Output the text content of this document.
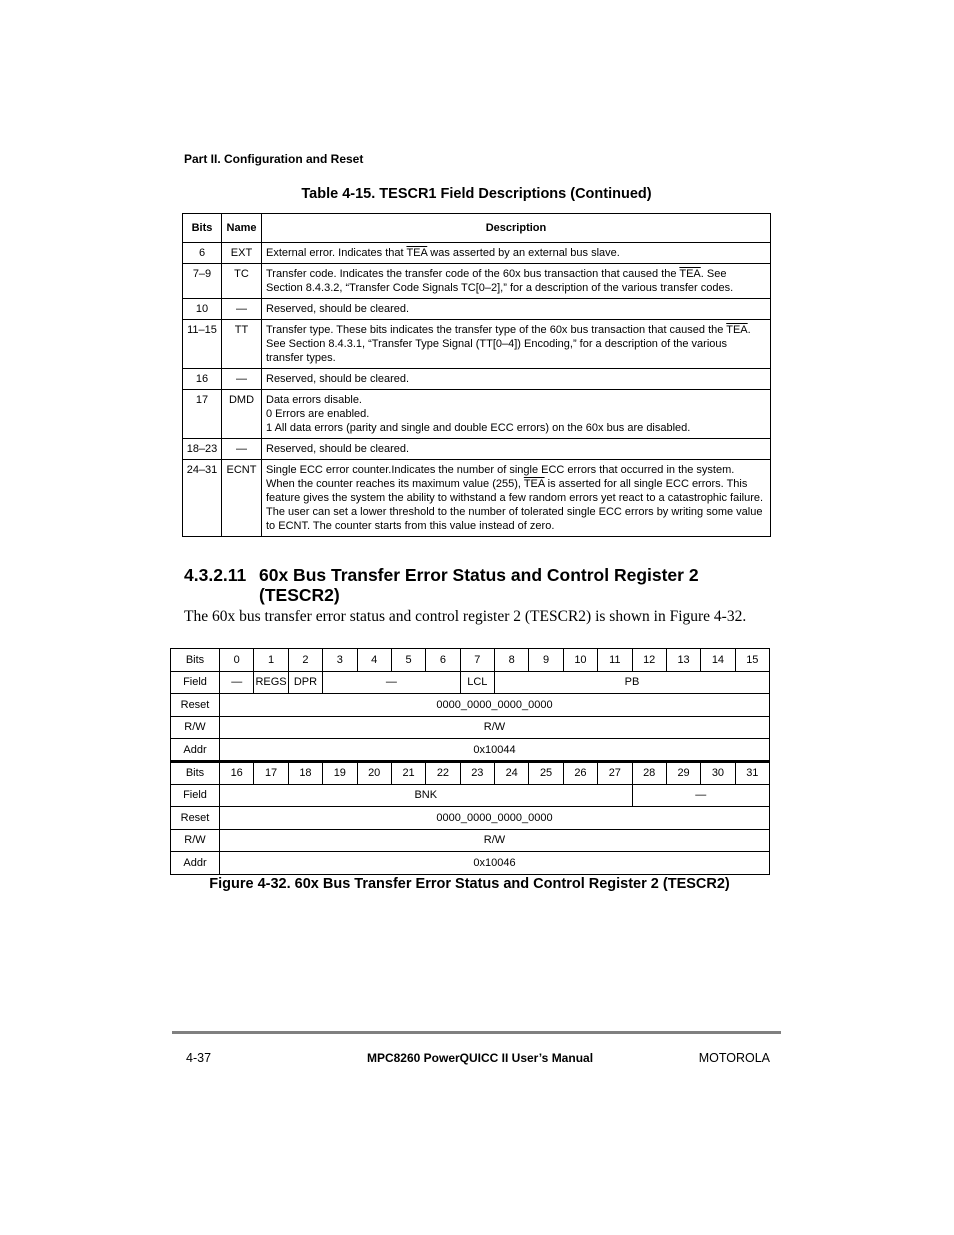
Part II. Configuration and Reset
Table 4-15. TESCR1 Field Descriptions (Continued)
Bits	Name	Description
6	EXT	External error. Indicates that $\overline{TEA}$ was asserted by an external bus slave.
7–9	TC	Transfer code. Indicates the transfer code of the 60x bus transaction that caused the $\overline{TEA}$. See Section 8.4.3.2, “Transfer Code Signals TC[0–2],” for a description of the various transfer codes.
10	—	Reserved, should be cleared.
11–15	TT	Transfer type. These bits indicates the transfer type of the 60x bus transaction that caused the $\overline{TEA}$. See Section 8.4.3.1, “Transfer Type Signal (TT[0–4]) Encoding,” for a description of the various transfer types.
16	—	Reserved, should be cleared.
17	DMD	Data errors disable.
0 Errors are enabled.
1 All data errors (parity and single and double ECC errors) on the 60x bus are disabled.
18–23	—	Reserved, should be cleared.
24–31	ECNT	Single ECC error counter.Indicates the number of single ECC errors that occurred in the system. When the counter reaches its maximum value (255), $\overline{TEA}$ is asserted for all single ECC errors. This feature gives the system the ability to withstand a few random errors yet react to a catastrophic failure. The user can set a lower threshold to the number of tolerated single ECC errors by writing some value to ECNT. The counter starts from this value instead of zero.
4.3.2.11 60x Bus Transfer Error Status and Control Register 2
(TESCR2)
The 60x bus transfer error status and control register 2 (TESCR2) is shown in Figure 4-32.
Bits	0	1	2	3	4	5	6	7	8	9	10	11	12	13	14	15
Field	—	REGS	DPR	—				LCL	PB							
Reset	0000_0000_0000_0000															
R/W	R/W															
Addr	0x10044															
Bits	16	17	18	19	20	21	22	23	24	25	26	27	28	29	30	31
Field	BNK												—			
Reset	0000_0000_0000_0000															
R/W	R/W															
Addr	0x10046															
Figure 4-32. 60x Bus Transfer Error Status and Control Register 2 (TESCR2)
4-37	MPC8260 PowerQUICC II User’s Manual	MOTOROLA
